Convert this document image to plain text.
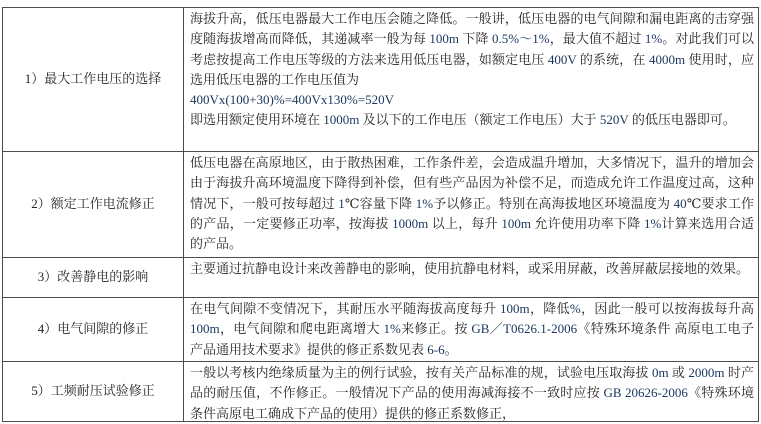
1）最大工作电压的选择

海拔升高，低压电器最大工作电压会随之降低。一般讲，低压电器的电气间隙和漏电距离的击穿强度随海拔增高而降低，其递减率一般为每 100m 下降 0.5%～1%，最大值不超过 1%。对此我们可以考虑按提高工作电压等级的方法来选用低压电器，如额定电压 400V 的系统，在 4000m 使用时，应选用低压电器的工作电压值为

400Vx(100+30)%=400Vx130%=520V

即选用额定使用环境在 1000m 及以下的工作电压（额定工作电压）大于 520V 的低压电器即可。

2）额定工作电流修正

低压电器在高原地区，由于散热困难，工作条件差，会造成温升增加，大多情况下，温升的增加会由于海拔升高环境温度下降得到补偿，但有些产品因为补偿不足，而造成允许工作温度过高，这种情况下，一般可按每超过 1℃容量下降 1%予以修正。特别在高海拔地区环境温度为 40℃要求工作的产品，一定要修正功率，按海拔 1000m 以上，每升 100m 允许使用功率下降 1%计算来选用合适的产品。

3）改善静电的影响

主要通过抗静电设计来改善静电的影响，使用抗静电材料，或采用屏蔽，改善屏蔽层接地的效果。

4）电气间隙的修正

在电气间隙不变情况下，其耐压水平随海拔高度每升 100m，降低%，因此一般可以按海拔每升高 100m，电气间隙和爬电距离增大 1%来修正。按 GB／T0626.1-2006《特殊环境条件 高原电工电子产品通用技术要求》提供的修正系数见表 6-6。

5）工频耐压试验修正

一般以考核内绝缘质量为主的例行试验，按有关产品标准的规，试验电压取海拔 0m 或 2000m 时产品的耐压值，不作修正。一般情况下产品的使用海减海接不一致时应按 GB 20626-2006《特殊环境条件高原电工确成下产品的使用）提供的修正系数修正，
